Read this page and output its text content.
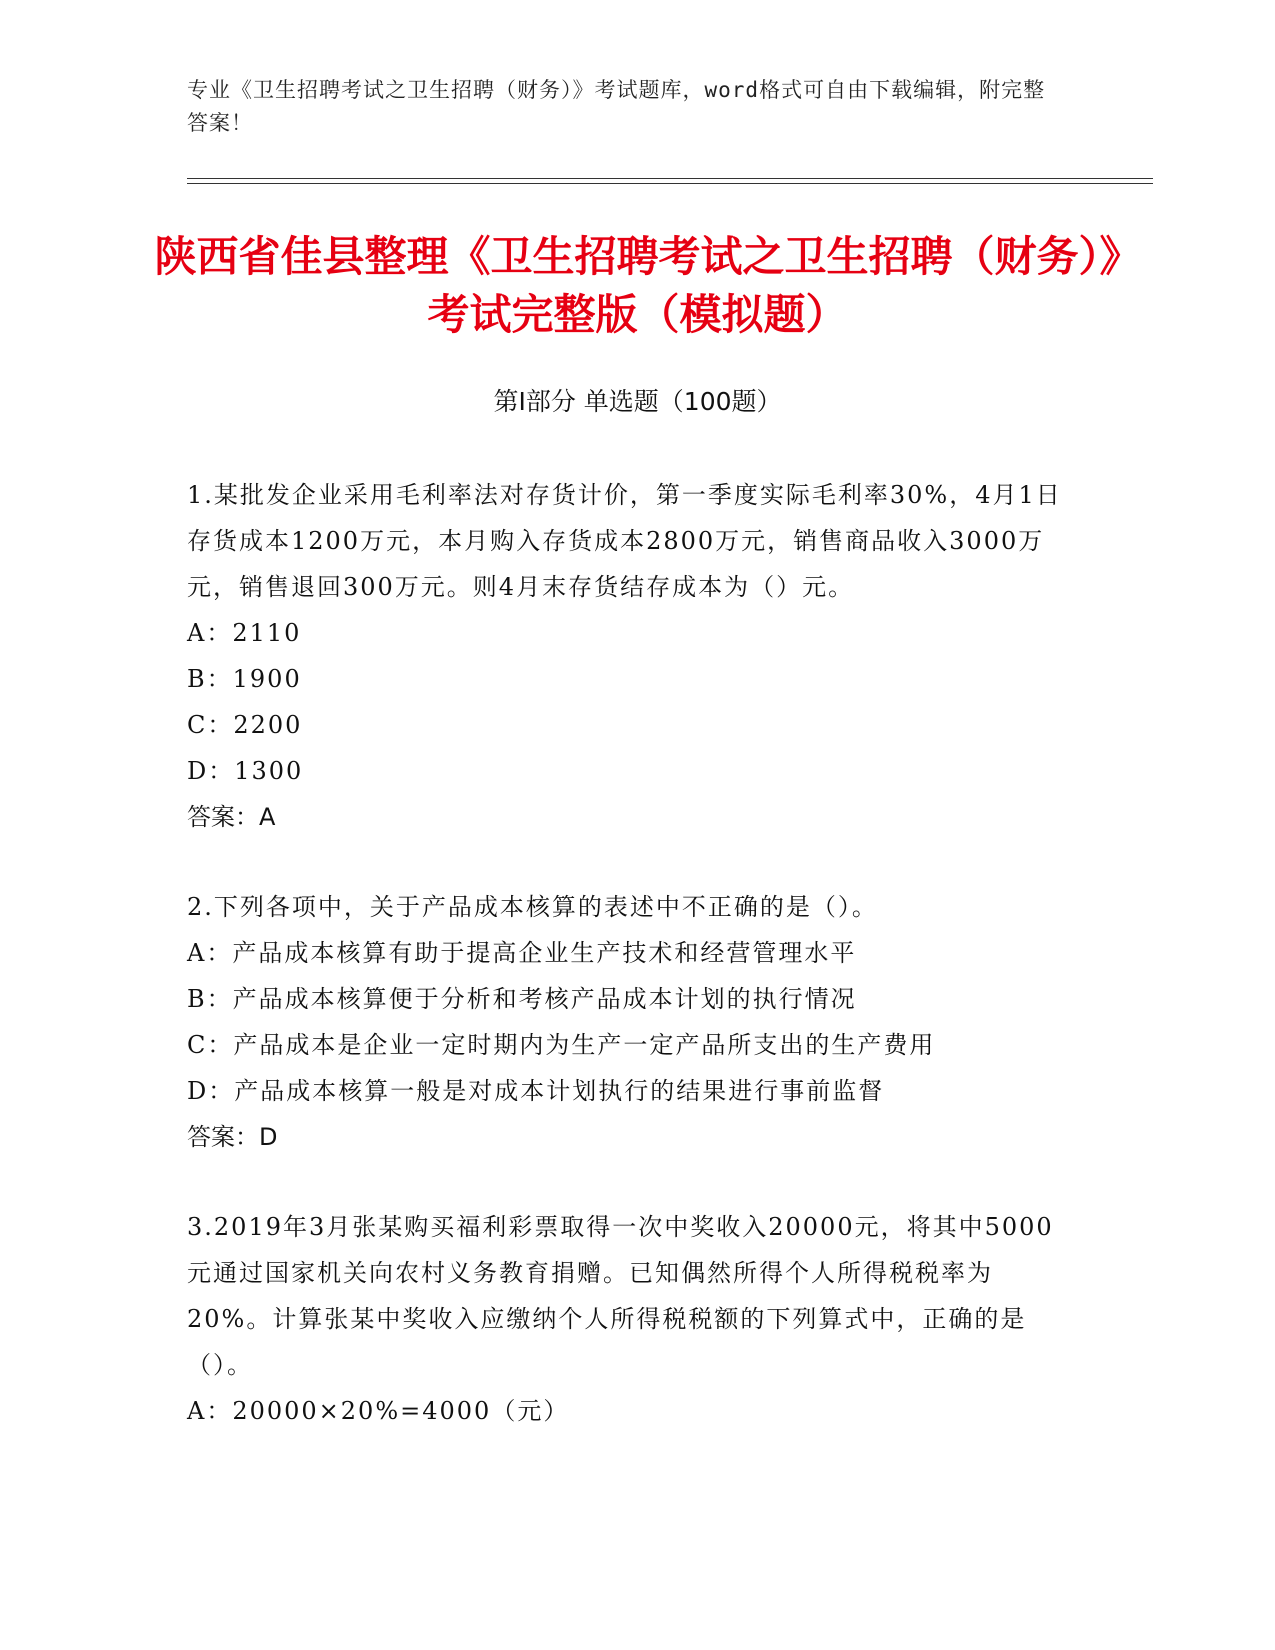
专业《卫生招聘考试之卫生招聘（财务）》考试题库，word格式可自由下载编辑，附完整答案！
陕西省佳县整理《卫生招聘考试之卫生招聘（财务）》考试完整版（模拟题）
第Ⅰ部分 单选题（100题）

1.某批发企业采用毛利率法对存货计价，第一季度实际毛利率30%，4月1日存货成本1200万元，本月购入存货成本2800万元，销售商品收入3000万元，销售退回300万元。则4月末存货结存成本为（）元。

A：2110

B：1900

C：2200

D：1300

答案：A

2.下列各项中，关于产品成本核算的表述中不正确的是（）。

A：产品成本核算有助于提高企业生产技术和经营管理水平

B：产品成本核算便于分析和考核产品成本计划的执行情况

C：产品成本是企业一定时期内为生产一定产品所支出的生产费用

D：产品成本核算一般是对成本计划执行的结果进行事前监督

答案：D

3.2019年3月张某购买福利彩票取得一次中奖收入20000元，将其中5000元通过国家机关向农村义务教育捐赠。已知偶然所得个人所得税税率为20%。计算张某中奖收入应缴纳个人所得税税额的下列算式中，正确的是（）。

A：20000×20%=4000（元）
